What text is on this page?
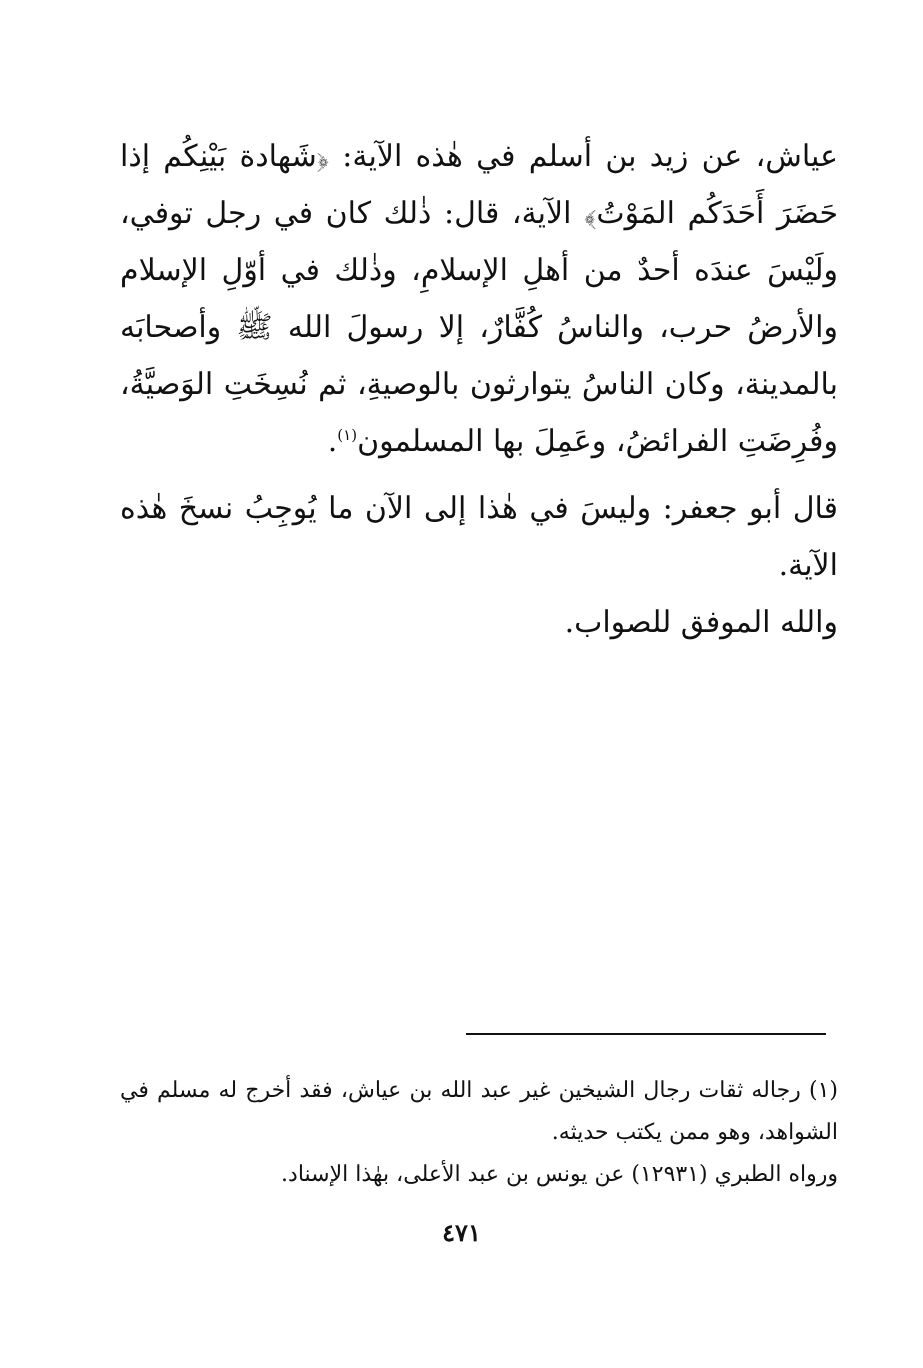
عياش، عن زيد بن أسلم في هٰذه الآية: ﴿شَهادة بَيْنِكُم إذا حَضَرَ أَحَدَكُم المَوْتُ﴾ الآية، قال: ذٰلك كان في رجل توفي، ولَيْسَ عندَه أحدٌ من أهلِ الإسلامِ، وذٰلك في أوّلِ الإسلام والأرضُ حرب، والناسُ كُفَّارٌ، إلا رسولَ الله ﷺ وأصحابَه بالمدينة، وكان الناسُ يتوارثون بالوصيةِ، ثم نُسِخَتِ الوَصيَّةُ، وفُرِضَتِ الفرائضُ، وعَمِلَ بها المسلمون$^{(١)}$.

قال أبو جعفر: وليسَ في هٰذا إلى الآن ما يُوجِبُ نسخَ هٰذه الآية.

والله الموفق للصواب.

(١) رجاله ثقات رجال الشيخين غير عبد الله بن عياش، فقد أخرج له مسلم في الشواهد، وهو ممن يكتب حديثه.

ورواه الطبري (١٢٩٣١) عن يونس بن عبد الأعلى، بهٰذا الإسناد.

٤٧١
